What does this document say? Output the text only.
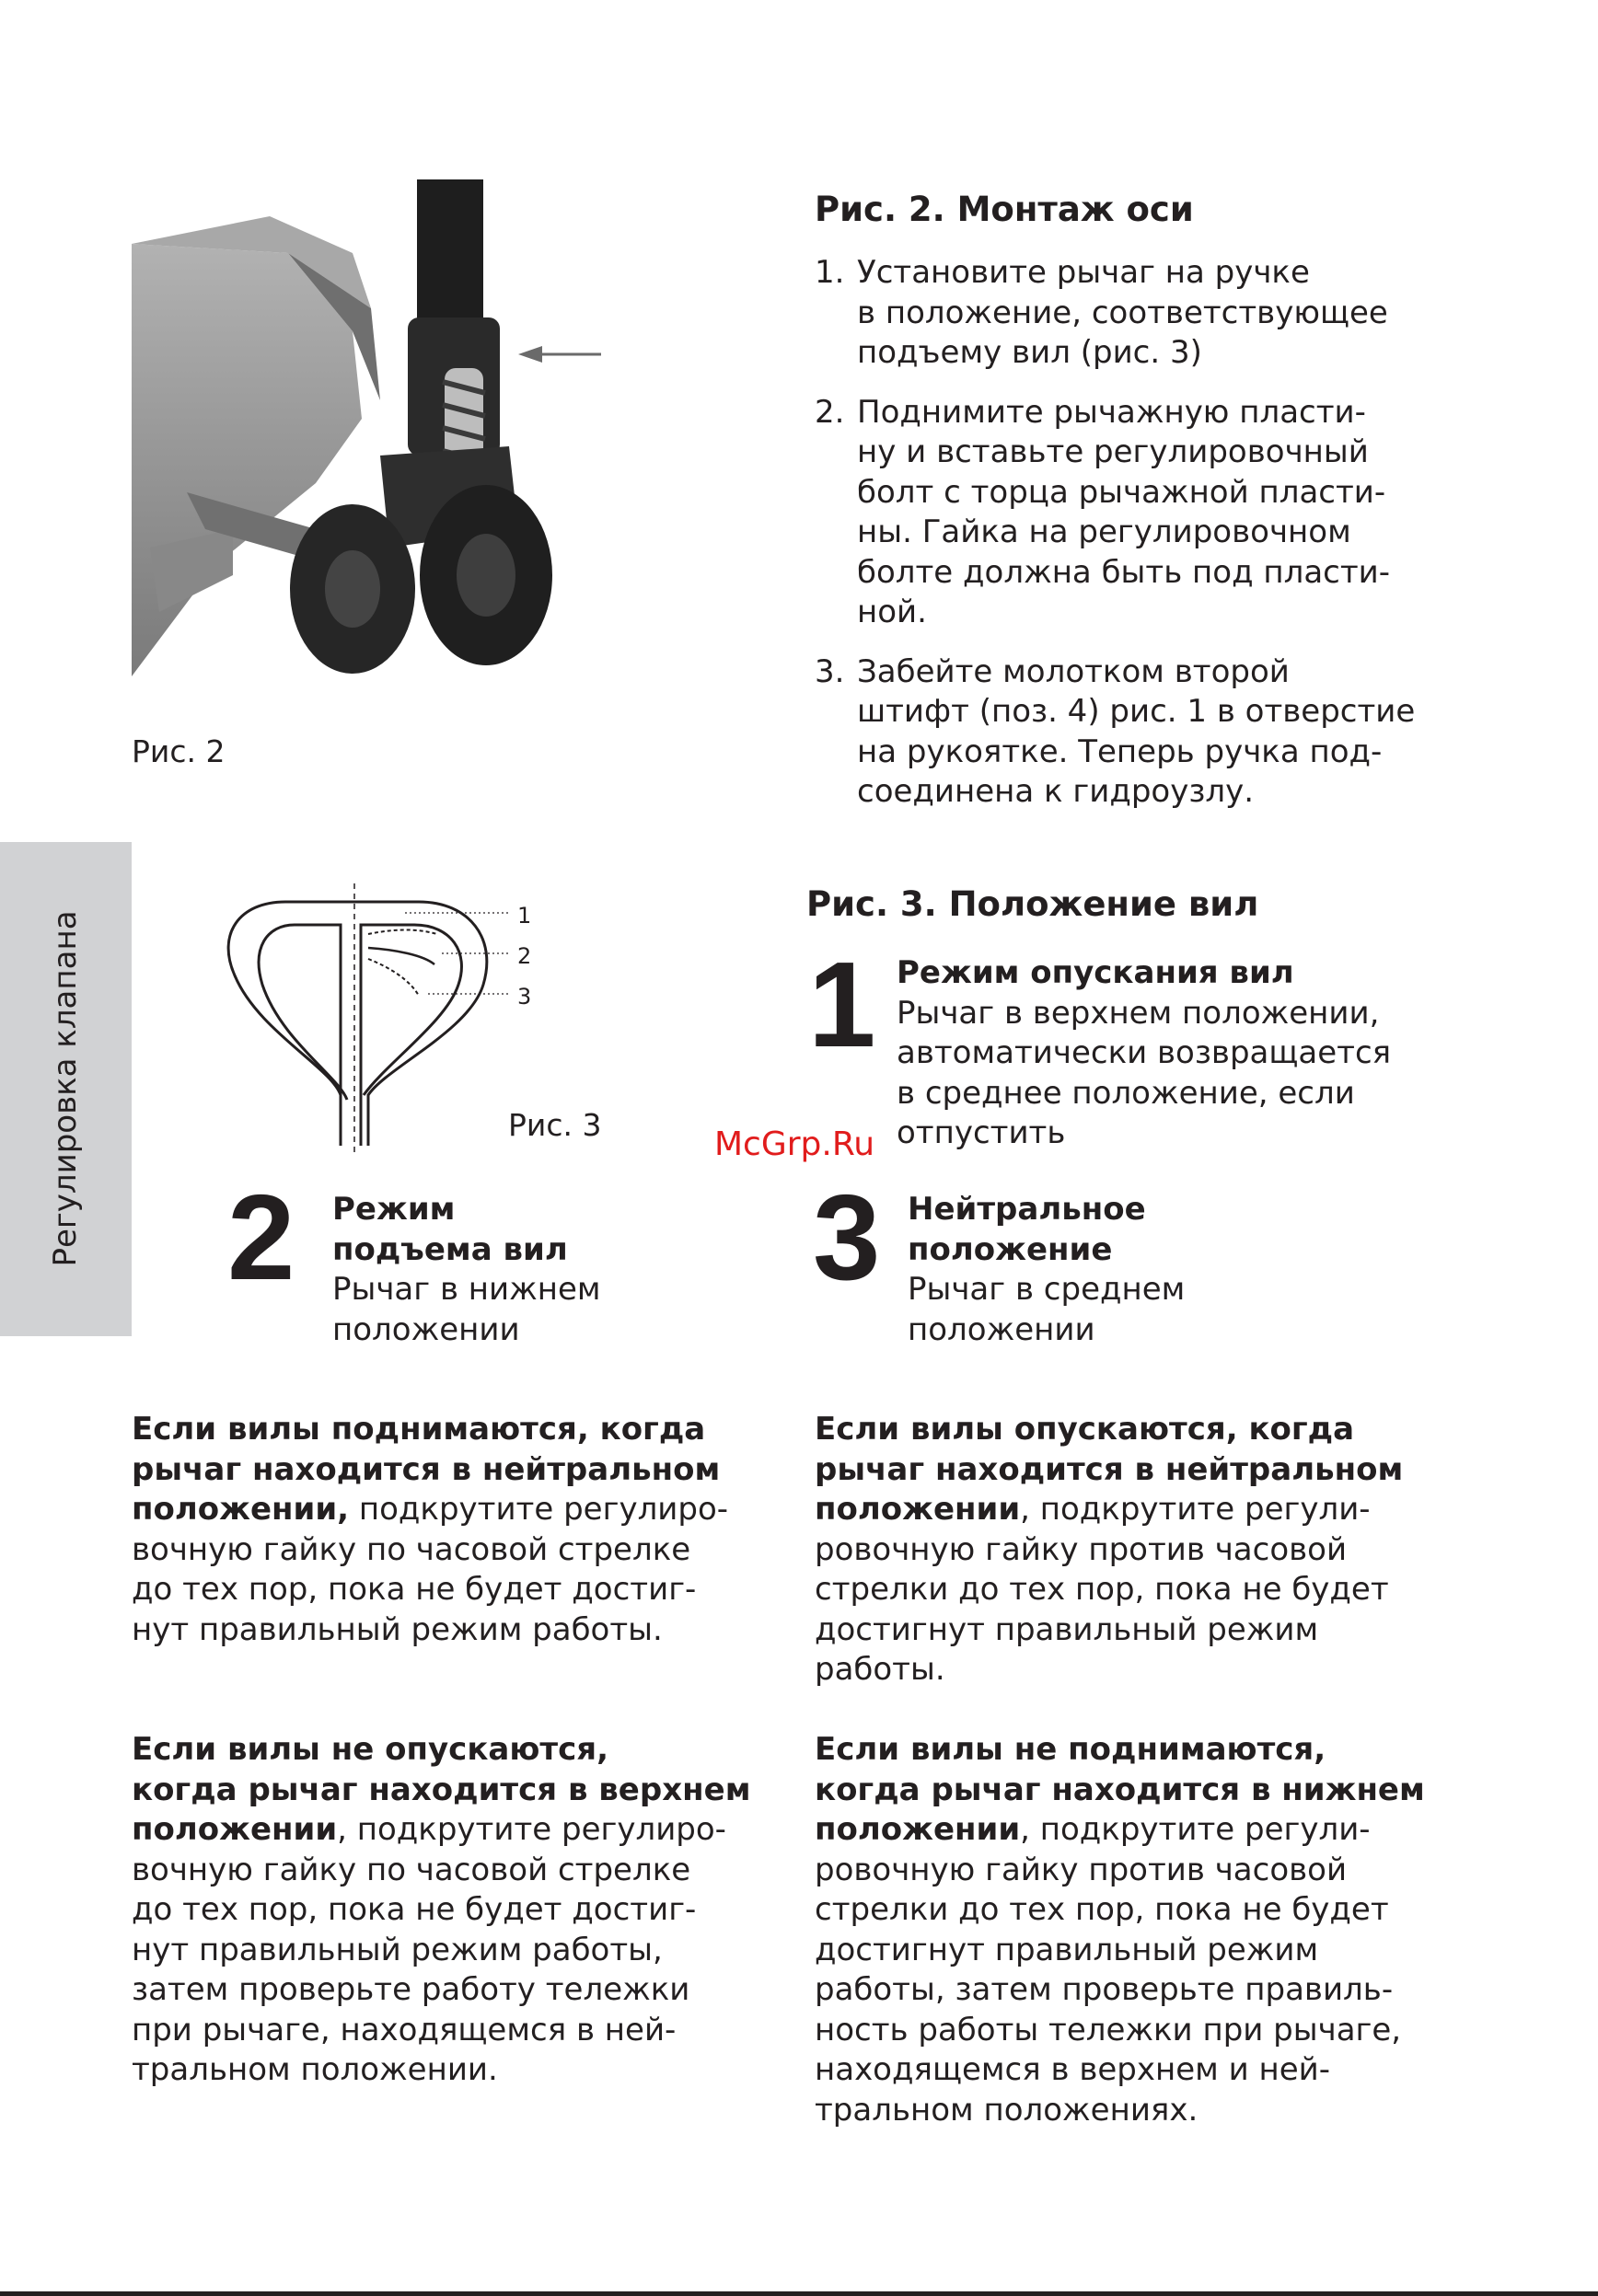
Регулировка клапана
Рис. 2
Рис. 2. Монтаж оси
1. Установите рычаг на ручке
в положение, соответствующее
подъему вил (рис. 3)
2. Поднимите рычажную пласти-
ну и вставьте регулировочный
болт с торца рычажной пласти-
ны. Гайка на регулировочном
болте должна быть под пласти-
ной.
3. Забейте молотком второй
штифт (поз. 4) рис. 1 в отверстие
на рукоятке. Теперь ручка под-
соединена к гидроузлу.
1
2
3
Рис. 3
Рис. 3. Положение вил
1 Режим опускания вил
Рычаг в верхнем положении,
автоматически возвращается
в среднее положение, если
отпустить
2 Режим
подъема вил
Рычаг в нижнем
положении
3 Нейтральное
положение
Рычаг в среднем
положении
McGrp.Ru
Если вилы поднимаются, когда
рычаг находится в нейтральном
положении, подкрутите регулиро-
вочную гайку по часовой стрелке
до тех пор, пока не будет достиг-
нут правильный режим работы.
Если вилы опускаются, когда
рычаг находится в нейтральном
положении, подкрутите регули-
ровочную гайку против часовой
стрелки до тех пор, пока не будет
достигнут правильный режим
работы.
Если вилы не опускаются,
когда рычаг находится в верхнем
положении, подкрутите регулиро-
вочную гайку по часовой стрелке
до тех пор, пока не будет достиг-
нут правильный режим работы,
затем проверьте работу тележки
при рычаге, находящемся в ней-
тральном положении.
Если вилы не поднимаются,
когда рычаг находится в нижнем
положении, подкрутите регули-
ровочную гайку против часовой
стрелки до тех пор, пока не будет
достигнут правильный режим
работы, затем проверьте правиль-
ность работы тележки при рычаге,
находящемся в верхнем и ней-
тральном положениях.
